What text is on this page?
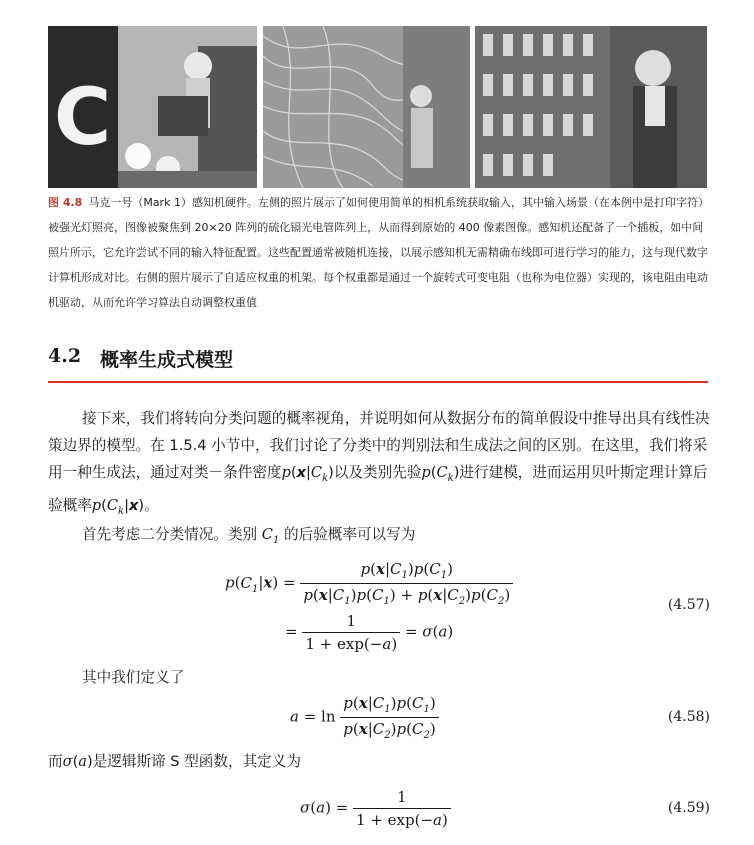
C
图 4.8 马克一号（Mark 1）感知机硬件。左侧的照片展示了如何使用简单的相机系统获取输入，其中输入场景（在本例中是打印字符）被强光灯照亮，图像被聚焦到 20×20 阵列的硫化镉光电管阵列上，从而得到原始的 400 像素图像。感知机还配备了一个插板，如中间照片所示，它允许尝试不同的输入特征配置。这些配置通常被随机连接，以展示感知机无需精确布线即可进行学习的能力，这与现代数字计算机形成对比。右侧的照片展示了自适应权重的机架。每个权重都是通过一个旋转式可变电阻（也称为电位器）实现的，该电阻由电动机驱动，从而允许学习算法自动调整权重值
4.2 概率生成式模型
接下来，我们将转向分类问题的概率视角，并说明如何从数据分布的简单假设中推导出具有线性决策边界的模型。在 1.5.4 小节中，我们讨论了分类中的判别法和生成法之间的区别。在这里，我们将采用一种生成法，通过对类－条件密度$p(x|C_k)$以及类别先验$p(C_k)$进行建模，进而运用贝叶斯定理计算后验概率$p(C_k|x)$。
首先考虑二分类情况。类别 $C_1$ 的后验概率可以写为
$p(C_1|x) = \frac{p(x|C_1)p(C_1)}{p(x|C_1)p(C_1) + p(x|C_2)p(C_2)}$
= $\frac{1}{1 + \exp(-a)} = \sigma(a)$
(4.57)
其中我们定义了
$a = \ln \frac{p(x|C_1)p(C_1)}{p(x|C_2)p(C_2)}$	(4.58)
而σ(a)是逻辑斯谛 S 型函数，其定义为
$\sigma(a) = \frac{1}{1 + \exp(-a)}$	(4.59)
